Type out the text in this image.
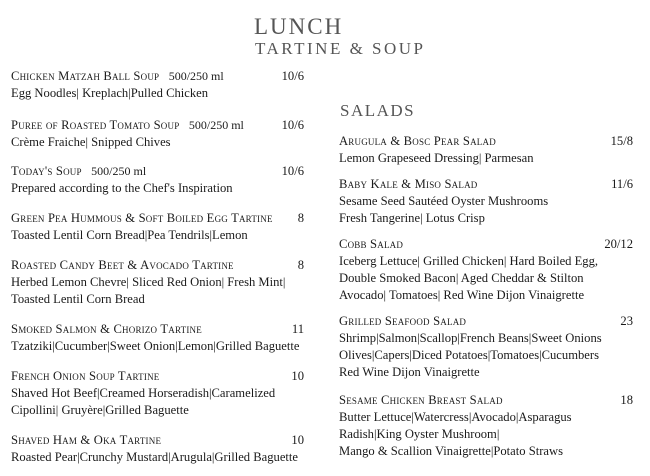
LUNCH
TARTINE & SOUP
Chicken Matzah Ball Soup 500/250 ml	10/6
Egg Noodles| Kreplach|Pulled Chicken
Puree of Roasted Tomato Soup 500/250 ml	10/6
Crème Fraiche| Snipped Chives
Today's Soup 500/250 ml	10/6
Prepared according to the Chef's Inspiration
Green Pea Hummous & Soft Boiled Egg Tartine	8
Toasted Lentil Corn Bread|Pea Tendrils|Lemon
Roasted Candy Beet & Avocado Tartine	8
Herbed Lemon Chevre| Sliced Red Onion| Fresh Mint|
Toasted Lentil Corn Bread
Smoked Salmon & Chorizo Tartine	11
Tzatziki|Cucumber|Sweet Onion|Lemon|Grilled Baguette
French Onion Soup Tartine	10
Shaved Hot Beef|Creamed Horseradish|Caramelized
Cipollini| Gruyère|Grilled Baguette
Shaved Ham & Oka Tartine	10
Roasted Pear|Crunchy Mustard|Arugula|Grilled Baguette
SALADS
Arugula & Bosc Pear Salad	15/8
Lemon Grapeseed Dressing| Parmesan
Baby Kale & Miso Salad	11/6
Sesame Seed Sautéed Oyster Mushrooms
Fresh Tangerine| Lotus Crisp
Cobb Salad	20/12
Iceberg Lettuce| Grilled Chicken| Hard Boiled Egg,
Double Smoked Bacon| Aged Cheddar & Stilton
Avocado| Tomatoes| Red Wine Dijon Vinaigrette
Grilled Seafood Salad	23
Shrimp|Salmon|Scallop|French Beans|Sweet Onions
Olives|Capers|Diced Potatoes|Tomatoes|Cucumbers
Red Wine Dijon Vinaigrette
Sesame Chicken Breast Salad	18
Butter Lettuce|Watercress|Avocado|Asparagus
Radish|King Oyster Mushroom|
Mango & Scallion Vinaigrette|Potato Straws
